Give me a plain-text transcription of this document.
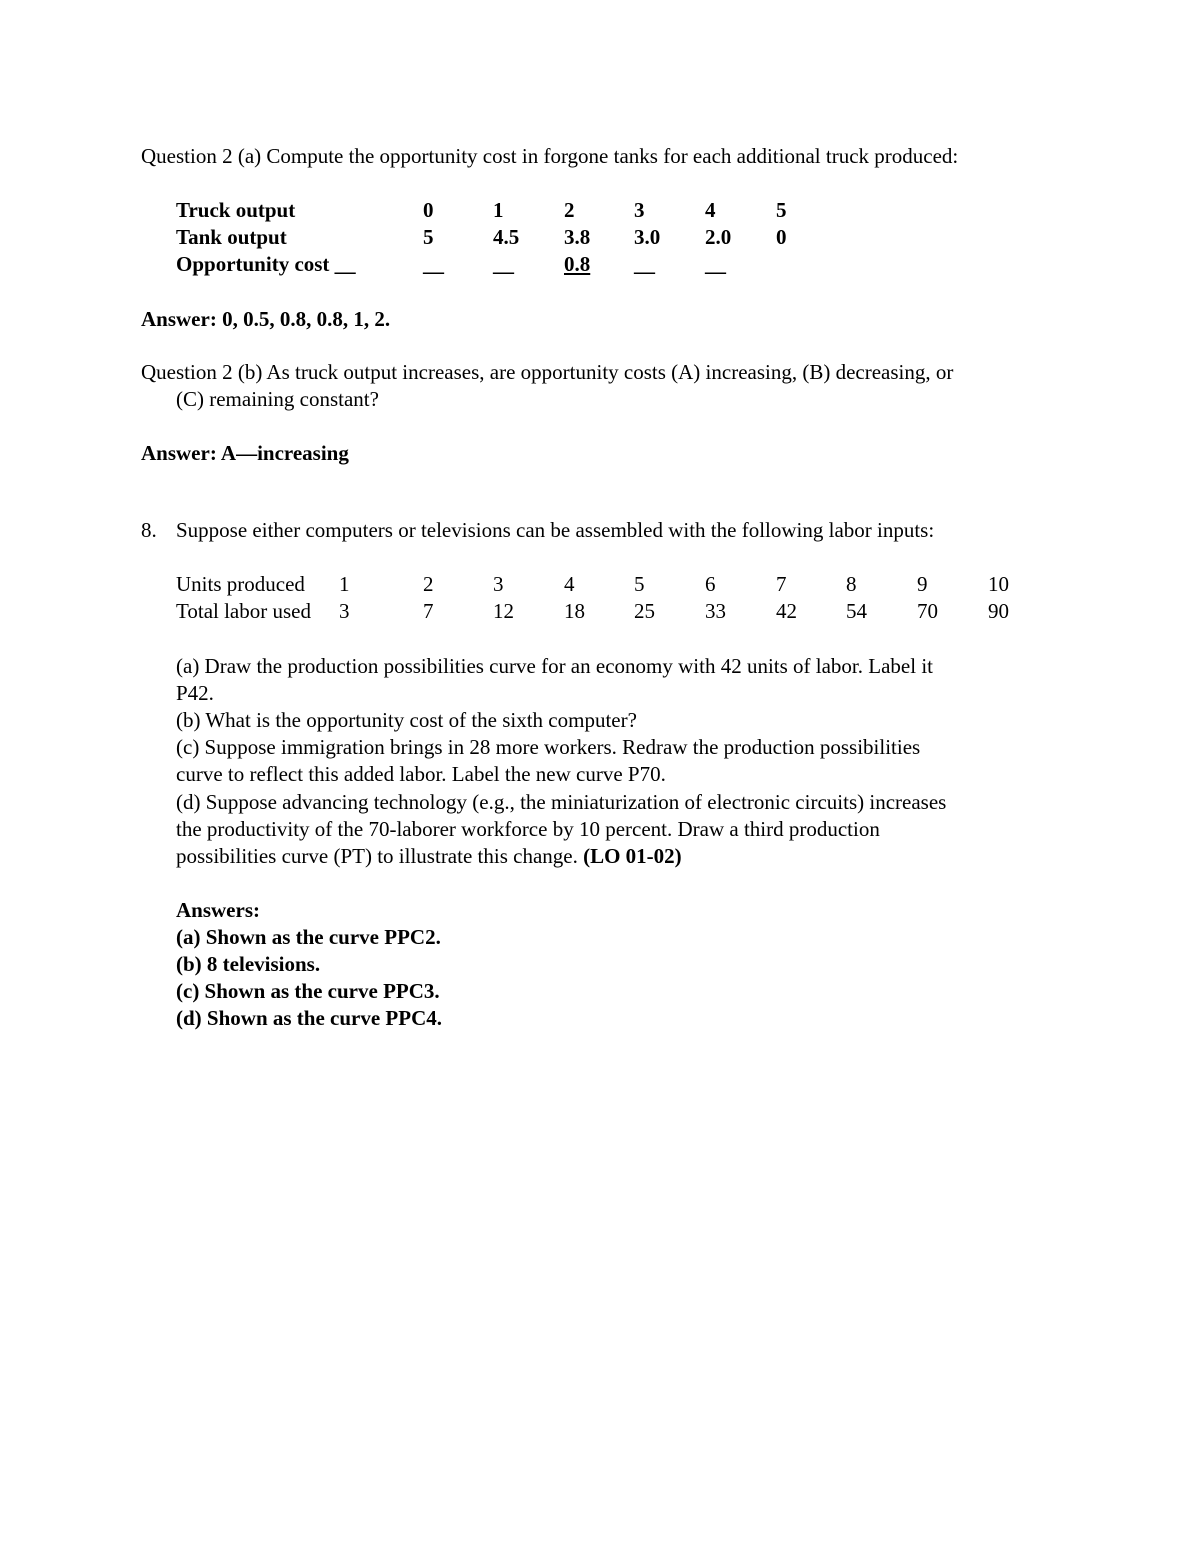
Question 2 (a) Compute the opportunity cost in forgone tanks for each additional truck produced:
Truck output	0	1	2	3	4	5
Tank output	5	4.5 3.8 3.0 2.0 0
Opportunity cost __	__ __ 0.8 __ __
Answer: 0, 0.5, 0.8, 0.8, 1, 2.
Question 2 (b) As truck output increases, are opportunity costs (A) increasing, (B) decreasing, or
(C) remaining constant?
Answer: A—increasing
8. Suppose either computers or televisions can be assembled with the following labor inputs:
Units produced 1	2	3	4	5	6	7	8	9	10
Total labor used 3	7	12 18 25 33 42 54 70 90
(a) Draw the production possibilities curve for an economy with 42 units of labor. Label it
P42.
(b) What is the opportunity cost of the sixth computer?
(c) Suppose immigration brings in 28 more workers. Redraw the production possibilities
curve to reflect this added labor. Label the new curve P70.
(d) Suppose advancing technology (e.g., the miniaturization of electronic circuits) increases
the productivity of the 70-laborer workforce by 10 percent. Draw a third production
possibilities curve (PT) to illustrate this change. (LO 01-02)
Answers:
(a) Shown as the curve PPC2.
(b) 8 televisions.
(c) Shown as the curve PPC3.
(d) Shown as the curve PPC4.
